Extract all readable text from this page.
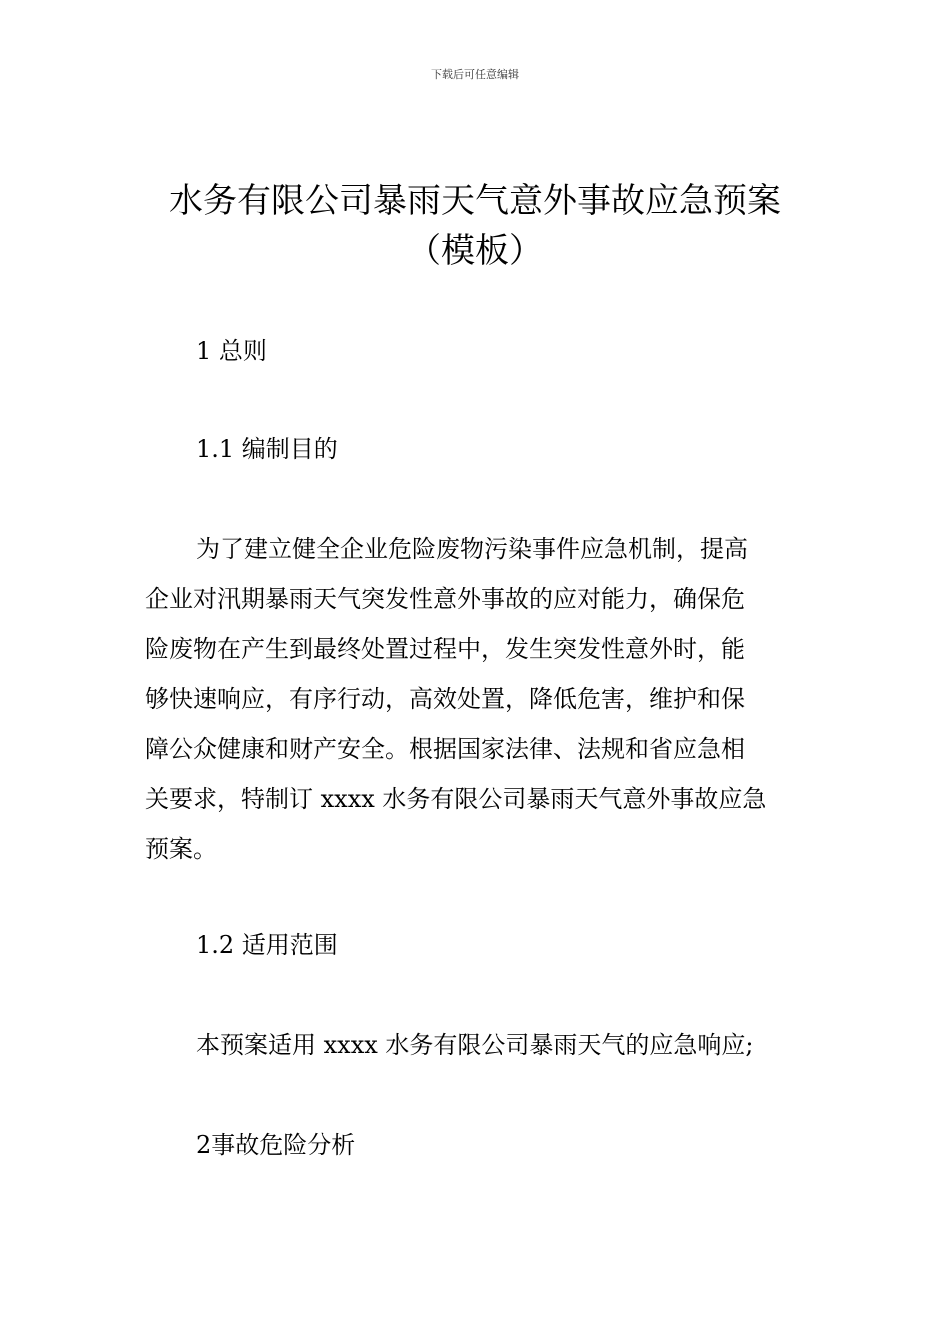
下载后可任意编辑
水务有限公司暴雨天气意外事故应急预案
（模板）
1 总则
1.1 编制目的

为了建立健全企业危险废物污染事件应急机制，提高
企业对汛期暴雨天气突发性意外事故的应对能力，确保危
险废物在产生到最终处置过程中，发生突发性意外时，能
够快速响应，有序行动，高效处置，降低危害，维护和保
障公众健康和财产安全。根据国家法律、法规和省应急相
关要求，特制订 xxxx 水务有限公司暴雨天气意外事故应急
预案。

1.2 适用范围

本预案适用 xxxx 水务有限公司暴雨天气的应急响应;

2事故危险分析
